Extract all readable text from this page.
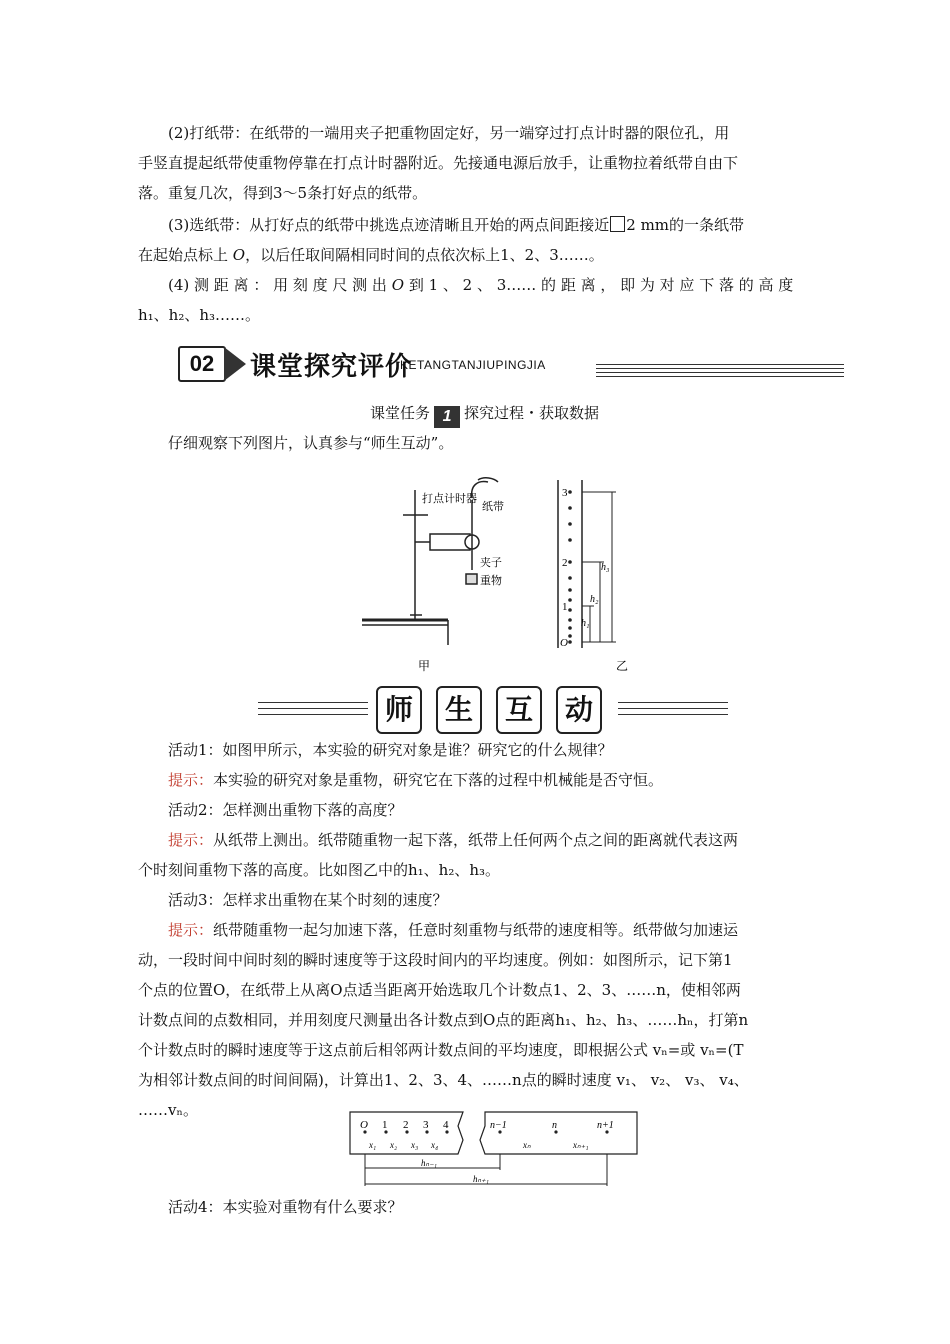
(2)打纸带：在纸带的一端用夹子把重物固定好，另一端穿过打点计时器的限位孔，用

手竖直提起纸带使重物停靠在打点计时器附近。先接通电源后放手，让重物拉着纸带自由下

落。重复几次，得到3～5条打好点的纸带。

(3)选纸带：从打好点的纸带中挑选点迹清晰且开始的两点间距接近 2 mm的一条纸带

在起始点标上 O，以后任取间隔相同时间的点依次标上1、2、3……。

(4) 测 距 离 ： 用 刻 度 尺 测 出 O 到 1 、 2 、 3…… 的 距 离 ， 即 为 对 应 下 落 的 高 度

h₁、h₂、h₃……。

02	课堂探究评价
KETANGTANJIUPINGJIA
课堂任务 1 探究过程・获取数据

仔细观察下列图片，认真参与“师生互动”。

打点计时器
纸带
夹子
重物
甲
3
2
1
O
h₃
h₂
h₁
乙
师	生	互	动

活动1：如图甲所示，本实验的研究对象是谁？研究它的什么规律？

提示：本实验的研究对象是重物，研究它在下落的过程中机械能是否守恒。

活动2：怎样测出重物下落的高度？

提示：从纸带上测出。纸带随重物一起下落，纸带上任何两个点之间的距离就代表这两

个时刻间重物下落的高度。比如图乙中的h₁、h₂、h₃。

活动3：怎样求出重物在某个时刻的速度？

提示：纸带随重物一起匀加速下落，任意时刻重物与纸带的速度相等。纸带做匀加速运

动，一段时间中间时刻的瞬时速度等于这段时间内的平均速度。例如：如图所示，记下第1

个点的位置O，在纸带上从离O点适当距离开始选取几个计数点1、2、3、……n，使相邻两

计数点间的点数相同，并用刻度尺测量出各计数点到O点的距离h₁、h₂、h₃、……hₙ，打第n

个计数点时的瞬时速度等于这点前后相邻两计数点间的平均速度，即根据公式 vₙ=或 vₙ=(T

为相邻计数点间的时间间隔)，计算出1、2、3、4、……n点的瞬时速度 v₁、 v₂、 v₃、 v₄、

……vₙ。

O 1 2 3 4
x₁ x₂ x₃ x₄
n−1	n	n+1
xₙ	xₙ₊₁
hₙ₋₁
hₙ₊₁

活动4：本实验对重物有什么要求？
